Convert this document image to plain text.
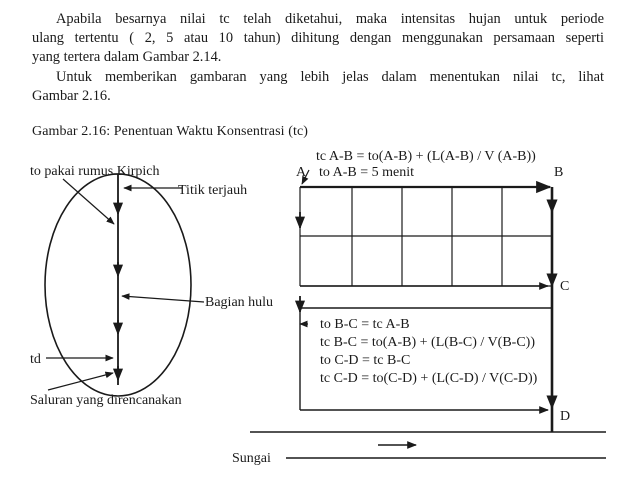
Apabila besarnya nilai tc telah diketahui, maka intensitas hujan untuk periode
ulang tertentu ( 2, 5 atau 10 tahun) dihitung dengan menggunakan persamaan seperti
yang tertera dalam Gambar 2.14.
Untuk memberikan gambaran yang lebih jelas dalam menentukan nilai tc, lihat
Gambar 2.16.
Gambar 2.16: Penentuan Waktu Konsentrasi (tc)
to pakai rumus Kirpich
Titik terjauh
Bagian hulu
td
Saluran yang direncanakan
tc A-B = to(A-B) + (L(A-B) / V (A-B))
A to A-B = 5 menit	B
C
D
to B-C = tc A-B
tc B-C = to(A-B) + (L(B-C) / V(B-C))
to C-D = tc B-C
tc C-D = to(C-D) + (L(C-D) / V(C-D))
Sungai
